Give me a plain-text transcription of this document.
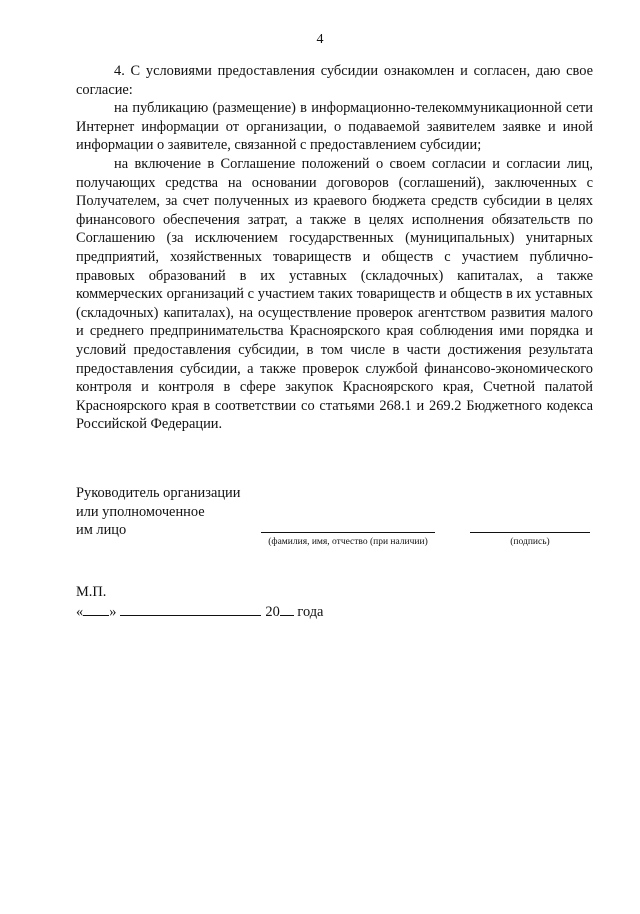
4

4. С условиями предоставления субсидии ознакомлен и согласен, даю свое согласие:

на публикацию (размещение) в информационно-телекоммуникационной сети Интернет информации от организации, о подаваемой заявителем заявке и иной информации о заявителе, связанной с предоставлением субсидии;

на включение в Соглашение положений о своем согласии и согласии лиц, получающих средства на основании договоров (соглашений), заключенных с Получателем, за счет полученных из краевого бюджета средств субсидии в целях финансового обеспечения затрат, а также в целях исполнения обязательств по Соглашению (за исключением государственных (муниципальных) унитарных предприятий, хозяйственных товариществ и обществ с участием публично-правовых образований в их уставных (складочных) капиталах, а также коммерческих организаций с участием таких товариществ и обществ в их уставных (складочных) капиталах), на осуществление проверок агентством развития малого и среднего предпринимательства Красноярского края соблюдения ими порядка и условий предоставления субсидии, в том числе в части достижения результата предоставления субсидии, а также проверок службой финансово-экономического контроля и контроля в сфере закупок Красноярского края, Счетной палатой Красноярского края в соответствии со статьями 268.1 и 269.2 Бюджетного кодекса Российской Федерации.

Руководитель организации
или уполномоченное
им лицо
(фамилия, имя, отчество (при наличии)	(подпись)
М.П.
« »	20 года
